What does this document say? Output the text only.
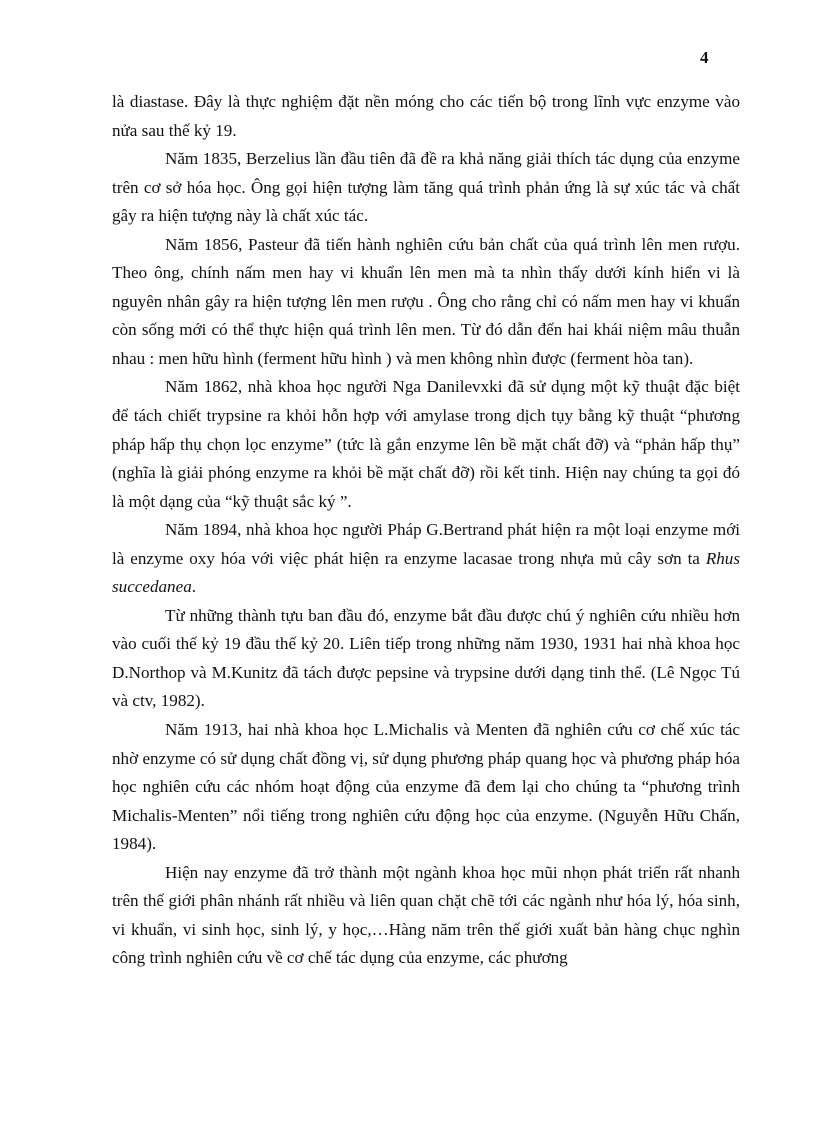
4

là diastase. Đây là thực nghiệm đặt nền móng cho các tiến bộ trong lĩnh vực enzyme vào nửa sau thế kỷ 19.

Năm 1835, Berzelius lần đầu tiên đã đề ra khả năng giải thích tác dụng của enzyme trên cơ sở hóa học. Ông gọi hiện tượng làm tăng quá trình phản ứng là sự xúc tác và chất gây ra hiện tượng này là chất xúc tác.

Năm 1856, Pasteur đã tiến hành nghiên cứu bản chất của quá trình lên men rượu. Theo ông, chính nấm men hay vi khuẩn lên men mà ta nhìn thấy dưới kính hiển vi là nguyên nhân gây ra hiện tượng lên men rượu . Ông cho rằng chỉ có nấm men hay vi khuẩn còn sống mới có thể thực hiện quá trình lên men. Từ đó dẫn đến hai khái niệm mâu thuẫn nhau : men hữu hình (ferment hữu hình ) và men không nhìn được (ferment hòa tan).

Năm 1862, nhà khoa học người Nga Danilevxki đã sử dụng một kỹ thuật đặc biệt để tách chiết trypsine ra khỏi hỗn hợp với amylase trong dịch tụy bằng kỹ thuật “phương pháp hấp thụ chọn lọc enzyme” (tức là gắn enzyme lên bề mặt chất đỡ) và “phản hấp thụ” (nghĩa là giải phóng enzyme ra khỏi bề mặt chất đỡ) rồi kết tinh. Hiện nay chúng ta gọi đó là một dạng của “kỹ thuật sắc ký ”.

Năm 1894, nhà khoa học người Pháp G.Bertrand phát hiện ra một loại enzyme mới là enzyme oxy hóa với việc phát hiện ra enzyme lacasae trong nhựa mủ cây sơn ta Rhus succedanea.

Từ những thành tựu ban đầu đó, enzyme bắt đầu được chú ý nghiên cứu nhiều hơn vào cuối thế kỷ 19 đầu thế kỷ 20. Liên tiếp trong những năm 1930, 1931 hai nhà khoa học D.Northop và M.Kunitz đã tách được pepsine và trypsine dưới dạng tinh thể. (Lê Ngọc Tú và ctv, 1982).

Năm 1913, hai nhà khoa học L.Michalis và Menten đã nghiên cứu cơ chế xúc tác nhờ enzyme có sử dụng chất đồng vị, sử dụng phương pháp quang học và phương pháp hóa học nghiên cứu các nhóm hoạt động của enzyme đã đem lại cho chúng ta “phương trình Michalis-Menten” nổi tiếng trong nghiên cứu động học của enzyme. (Nguyễn Hữu Chấn, 1984).

Hiện nay enzyme đã trở thành một ngành khoa học mũi nhọn phát triển rất nhanh trên thế giới phân nhánh rất nhiều và liên quan chặt chẽ tới các ngành như hóa lý, hóa sinh, vi khuẩn, vi sinh học, sinh lý, y học,…Hàng năm trên thế giới xuất bản hàng chục nghìn công trình nghiên cứu về cơ chế tác dụng của enzyme, các phương
